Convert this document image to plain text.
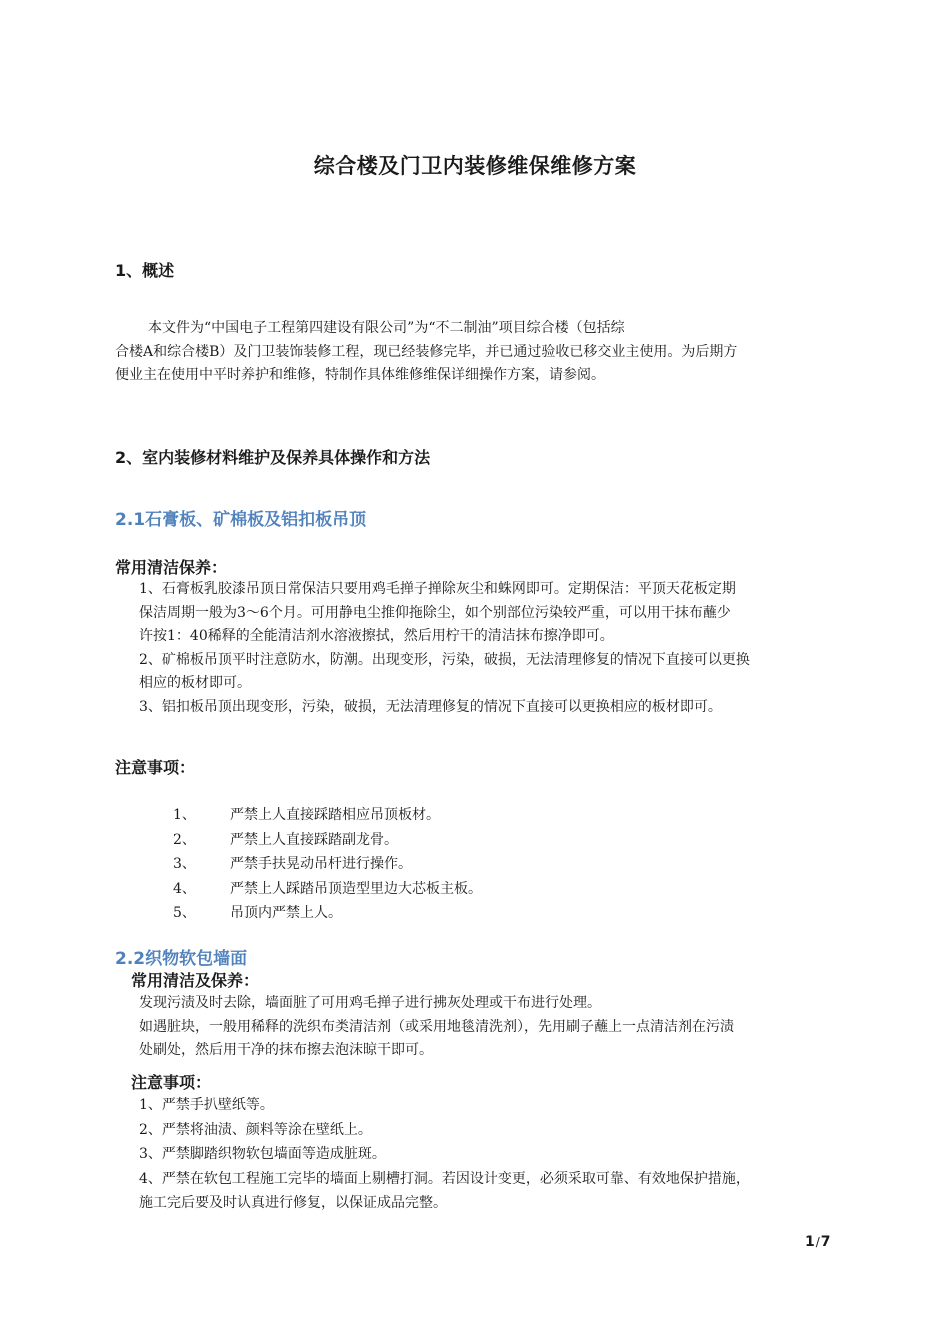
综合楼及门卫内装修维保维修方案
1、概述
本文件为“中国电子工程第四建设有限公司”为“不二制油”项目综合楼（包括综
合楼A和综合楼B）及门卫装饰装修工程，现已经装修完毕，并已通过验收已移交业主使用。为后期方
便业主在使用中平时养护和维修，特制作具体维修维保详细操作方案，请参阅。
2、室内装修材料维护及保养具体操作和方法
2.1石膏板、矿棉板及铝扣板吊顶
常用清洁保养：
1、石膏板乳胶漆吊顶日常保洁只要用鸡毛掸子掸除灰尘和蛛网即可。定期保洁：平顶天花板定期
保洁周期一般为3～6个月。可用静电尘推仰拖除尘，如个别部位污染较严重，可以用干抹布蘸少
许按1：40稀释的全能清洁剂水溶液擦拭，然后用柠干的清洁抹布擦净即可。
2、矿棉板吊顶平时注意防水，防潮。出现变形，污染，破损，无法清理修复的情况下直接可以更换
相应的板材即可。
3、铝扣板吊顶出现变形，污染，破损，无法清理修复的情况下直接可以更换相应的板材即可。
注意事项：
1、	严禁上人直接踩踏相应吊顶板材。
2、	严禁上人直接踩踏副龙骨。
3、	严禁手扶晃动吊杆进行操作。
4、	严禁上人踩踏吊顶造型里边大芯板主板。
5、	吊顶内严禁上人。
2.2织物软包墙面
常用清洁及保养：
发现污渍及时去除，墙面脏了可用鸡毛掸子进行拂灰处理或干布进行处理。
如遇脏块，一般用稀释的洗织布类清洁剂（或采用地毯清洗剂），先用刷子蘸上一点清洁剂在污渍
处刷处，然后用干净的抹布擦去泡沫晾干即可。
注意事项：
1、严禁手扒壁纸等。
2、严禁将油渍、颜料等涂在壁纸上。
3、严禁脚踏织物软包墙面等造成脏斑。
4、严禁在软包工程施工完毕的墙面上剔槽打洞。若因设计变更，必须采取可靠、有效地保护措施，
施工完后要及时认真进行修复，以保证成品完整。
1/7
